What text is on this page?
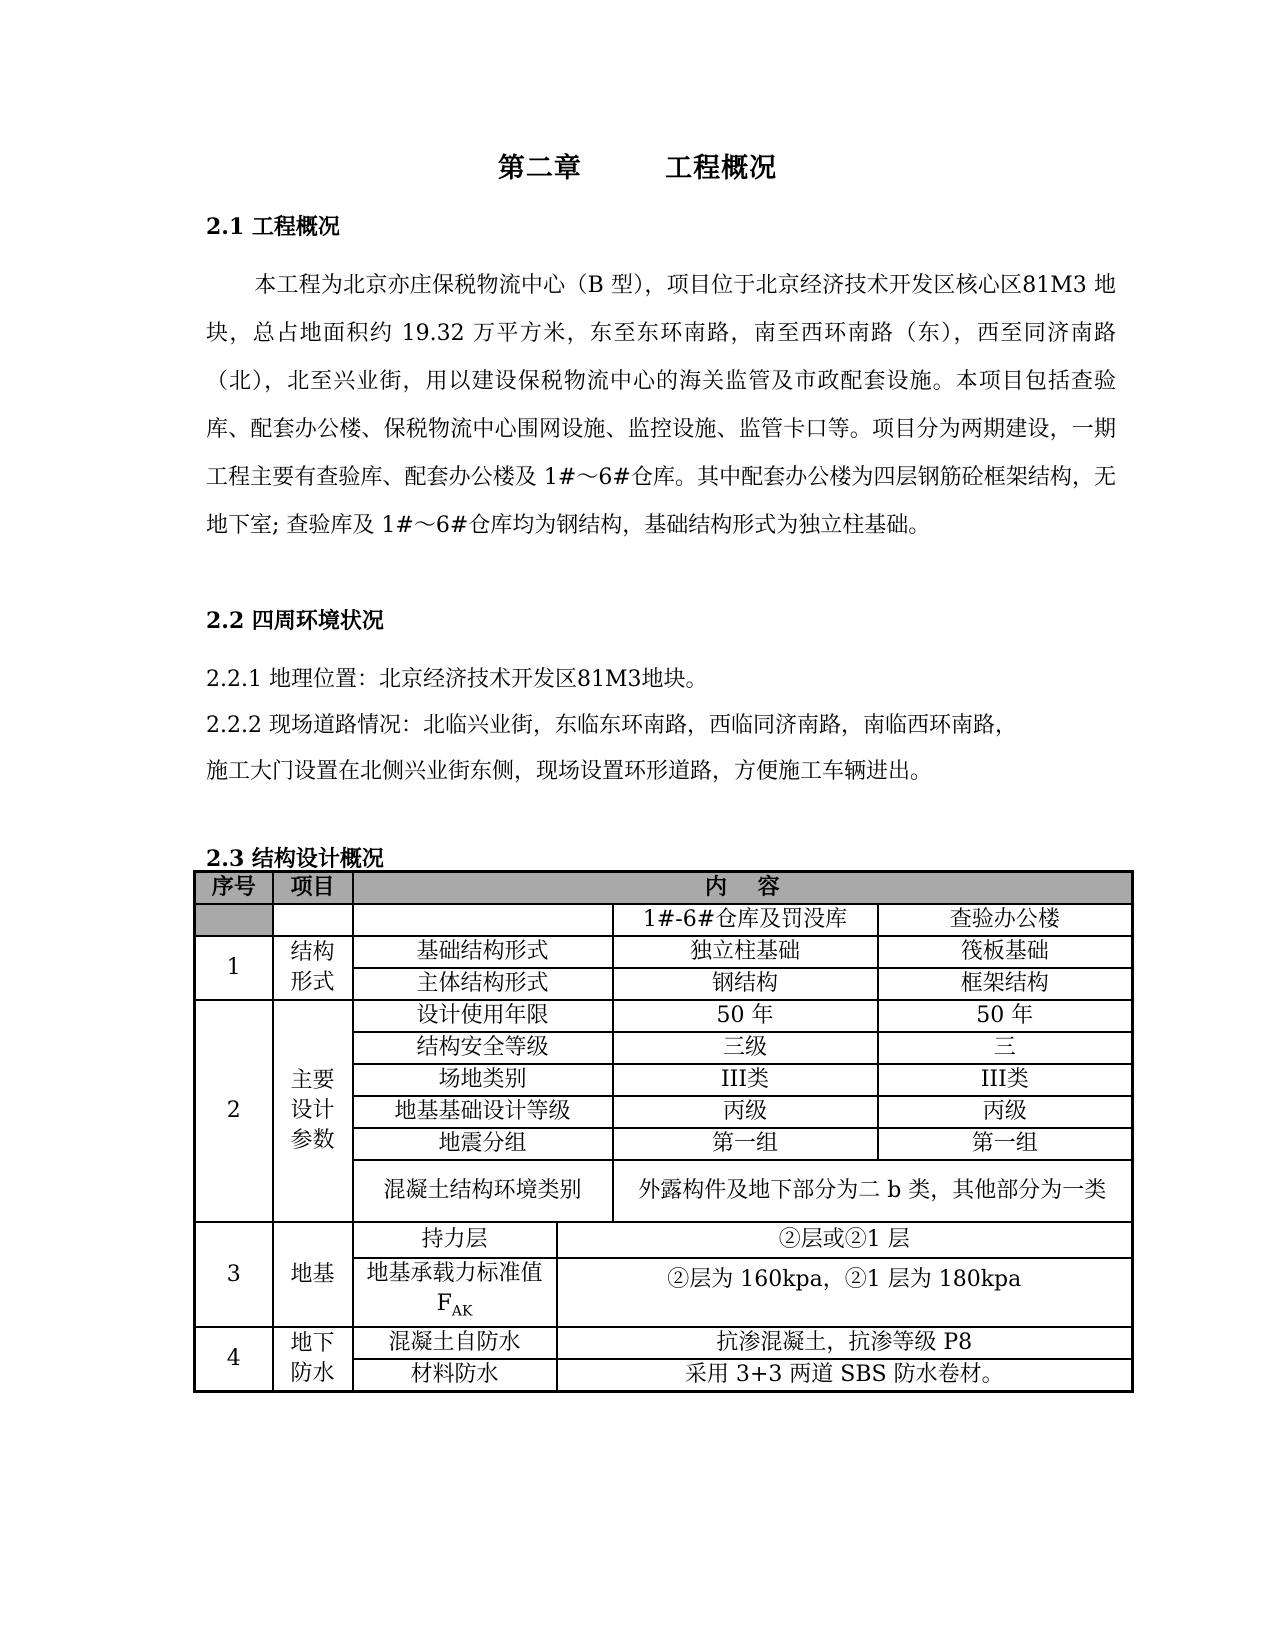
第二章        工程概况
2.1 工程概况
本工程为北京亦庄保税物流中心（B 型），项目位于北京经济技术开发区核心区81M3 地块，总占地面积约 19.32 万平方米，东至东环南路，南至西环南路（东），西至同济南路（北），北至兴业街，用以建设保税物流中心的海关监管及市政配套设施。本项目包括查验库、配套办公楼、保税物流中心围网设施、监控设施、监管卡口等。项目分为两期建设，一期工程主要有查验库、配套办公楼及 1#～6#仓库。其中配套办公楼为四层钢筋砼框架结构，无地下室; 查验库及 1#～6#仓库均为钢结构，基础结构形式为独立柱基础。
2.2 四周环境状况
2.2.1 地理位置：北京经济技术开发区81M3地块。
2.2.2 现场道路情况：北临兴业街，东临东环南路，西临同济南路，南临西环南路，
施工大门设置在北侧兴业街东侧，现场设置环形道路，方便施工车辆进出。
2.3 结构设计概况
序号	项目	内    容			
				1#-6#仓库及罚没库	查验办公楼
1	结构形式	基础结构形式		独立柱基础	筏板基础
		主体结构形式		钢结构	框架结构
2	主要设计参数	设计使用年限		50 年	50 年
		结构安全等级		三级	三
		场地类别		III类	III类
		地基基础设计等级		丙级	丙级
		地震分组		第一组	第一组
		混凝土结构环境类别		外露构件及地下部分为二 b 类，其他部分为一类	
3	地基	持力层	②层或②1 层		
		地基承载力标准值 $F_{AK}$	②层为 160kpa，②1 层为 180kpa		
4	地下防水	混凝土自防水	抗渗混凝土，抗渗等级 P8		
		材料防水	采用 3+3 两道 SBS 防水卷材。		
